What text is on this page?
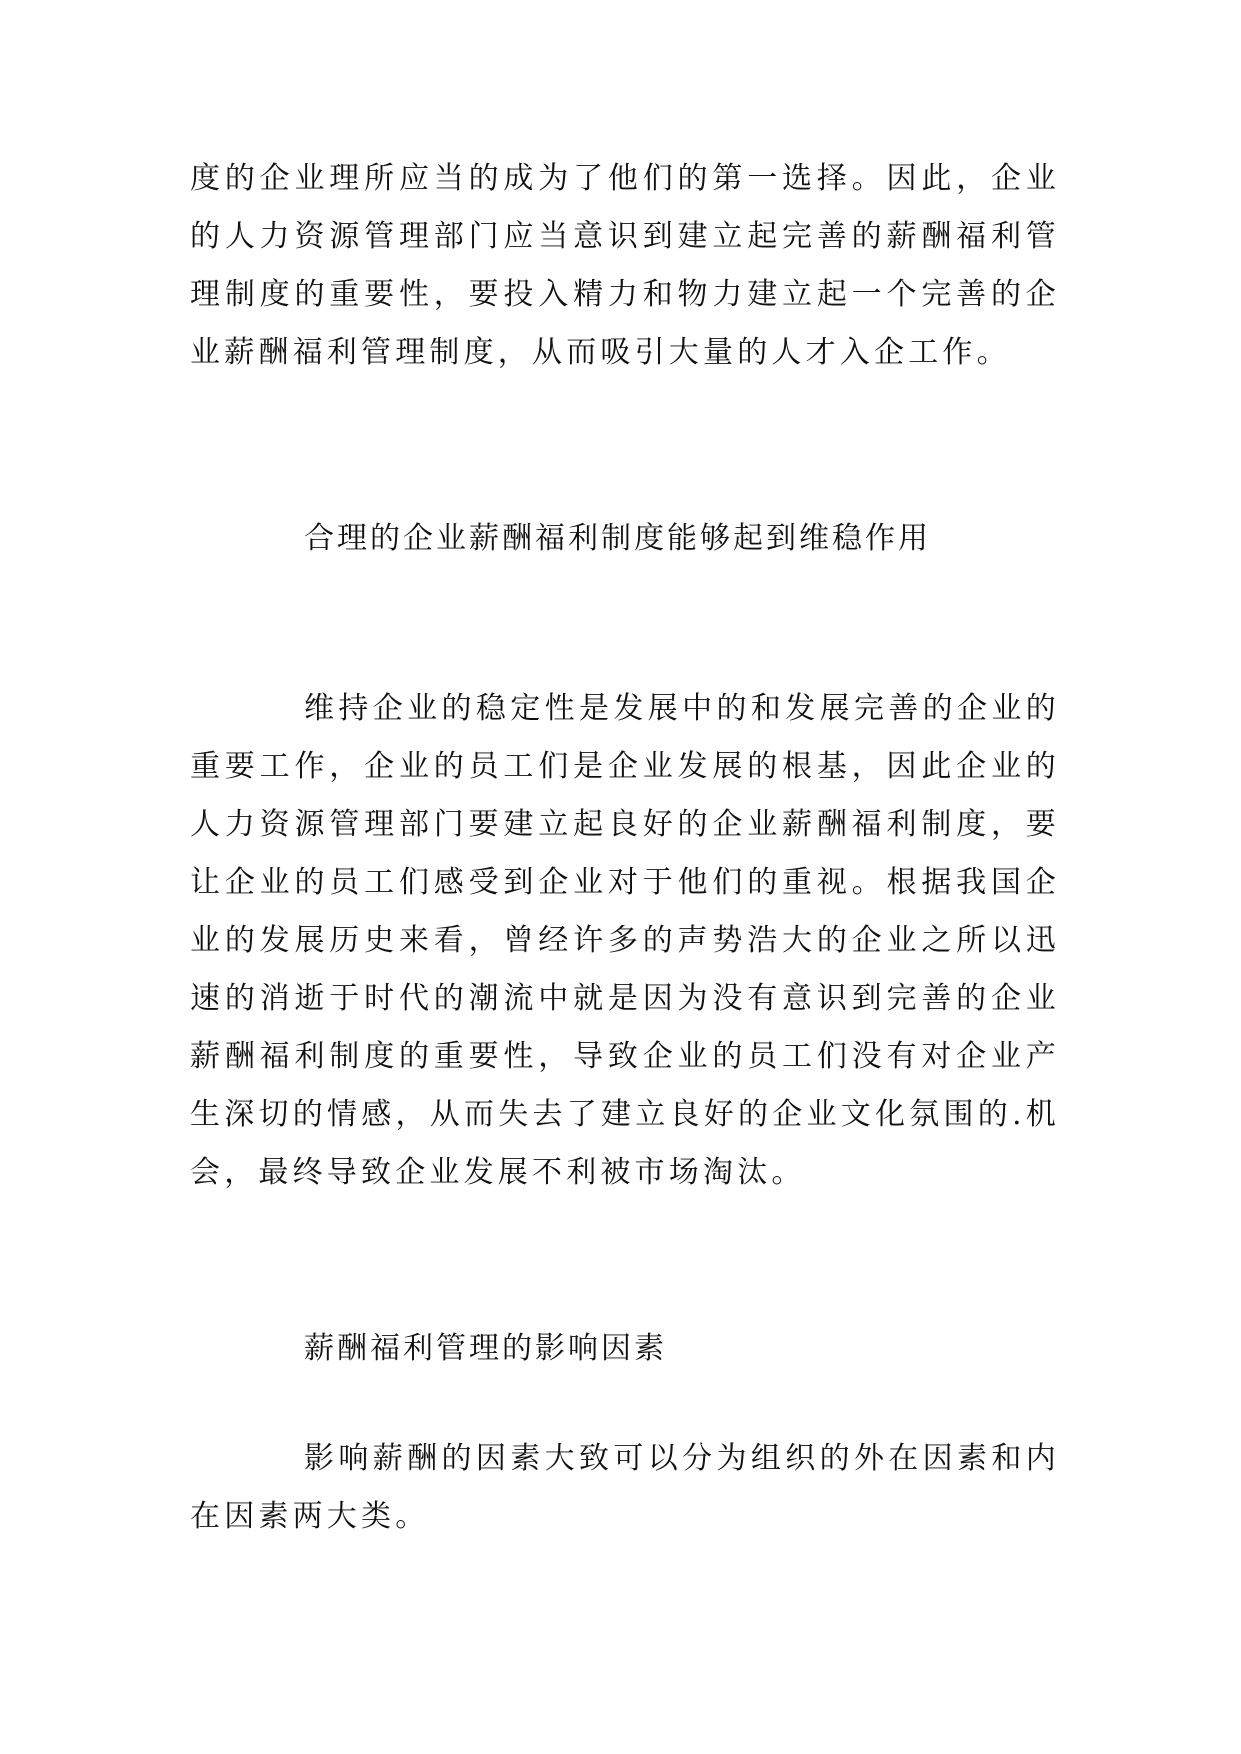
度的企业理所应当的成为了他们的第一选择。因此，企业的人力资源管理部门应当意识到建立起完善的薪酬福利管理制度的重要性，要投入精力和物力建立起一个完善的企业薪酬福利管理制度，从而吸引大量的人才入企工作。

合理的企业薪酬福利制度能够起到维稳作用

维持企业的稳定性是发展中的和发展完善的企业的重要工作，企业的员工们是企业发展的根基，因此企业的人力资源管理部门要建立起良好的企业薪酬福利制度，要让企业的员工们感受到企业对于他们的重视。根据我国企业的发展历史来看，曾经许多的声势浩大的企业之所以迅速的消逝于时代的潮流中就是因为没有意识到完善的企业薪酬福利制度的重要性，导致企业的员工们没有对企业产生深切的情感，从而失去了建立良好的企业文化氛围的.机会，最终导致企业发展不利被市场淘汰。

薪酬福利管理的影响因素

影响薪酬的因素大致可以分为组织的外在因素和内在因素两大类。
